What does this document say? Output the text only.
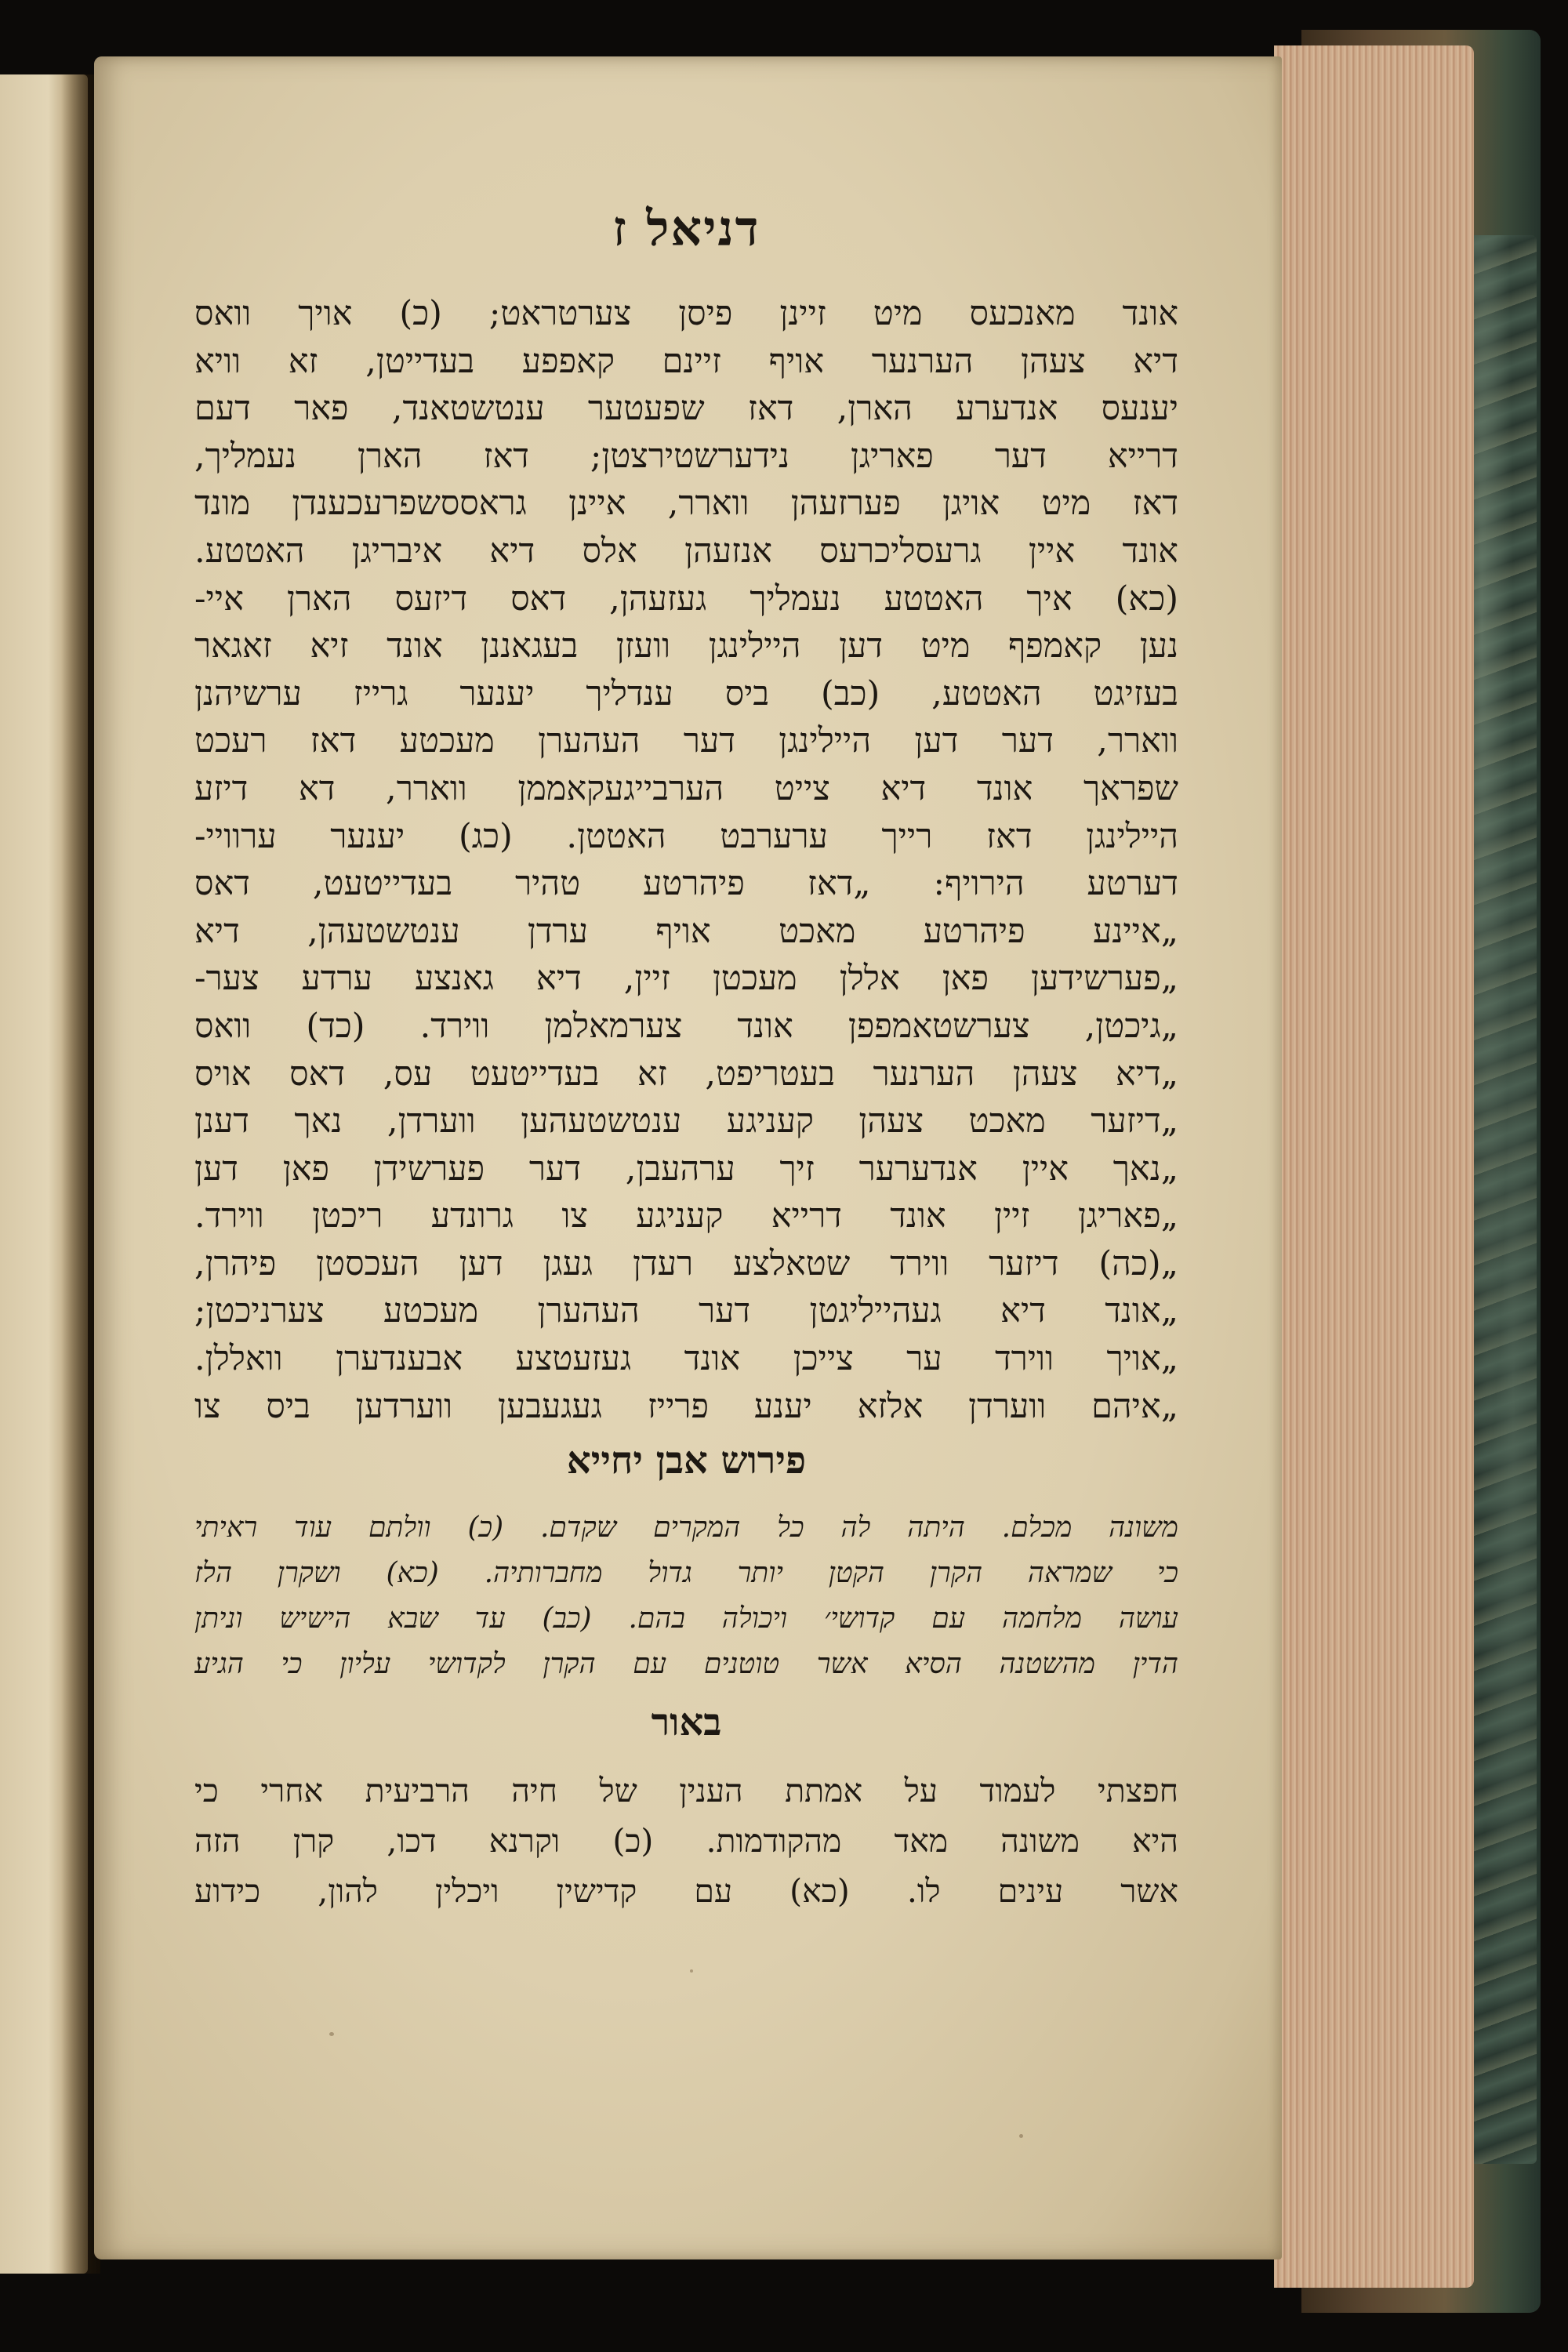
דניאל ז
אונד מאנכעס מיט זיינן פיסן צערטראט; (כ) אויך וואס
דיא צעהן הערנער אויף זיינם קאפפע בעדייטן, זא וויא
יענעס אנדערע הארן, דאז שפעטער ענטשטאנד, פאר דעם
דרייא דער פאריגן נידערשטירצטן; דאז הארן נעמליך,
דאז מיט אויגן פערזעהן ווארר, איינן גראססשפרעכענדן מונד
אונד איין גרעסליכרעס אנזעהן אלס דיא איבריגן האטטע.
(כא) איך האטטע נעמליך געזעהן, דאס דיזעס הארן איי-
נען קאמפף מיט דען היילינגן וועזן בעגאננן אונד זיא זאגאר
בעזיגט האטטע, (כב) ביס ענדליך יענער גרייז ערשיהנן
ווארר, דער דען היילינגן דער העהערן מעכטע דאז רעכט
שפראך אונד דיא צייט הערבייגעקאממן ווארר, דא דיזע
היילינגן דאז רייך ערערבט האטטן. (כג) יענער ערוויי-
דערטע הירויף: „דאז פיהרטע טהיר בעדייטעט, דאס
„איינע פיהרטע מאכט אויף ערדן ענטשטעהן, דיא
„פערשידען פאן אללן מעכטן זיין, דיא גאנצע ערדע צער-
„גיכטן, צערשטאמפפן אונד צערמאלמן ווירד. (כד) וואס
„דיא צעהן הערנער בעטריפט, זא בעדייטעט עס, דאס אויס
„דיזער מאכט צעהן קעניגע ענטשטעהען ווערדן, נאך דענן
„נאך איין אנדערער זיך ערהעבן, דער פערשידן פאן דען
„פאריגן זיין אונד דרייא קעניגע צו גרונדע ריכטן ווירד.
„(כה) דיזער ווירד שטאלצע רעדן געגן דען העכסטן פיהרן,
„אונד דיא געהייליגטן דער העהערן מעכטע צערניכטן;
„אויך ווירד ער צייכן אונד געזעטצע אבענדערן וואללן.
„איהם ווערדן אלזא יענע פרייז געגעבען ווערדען ביס צו
פירוש אבן יחייא
משונה מכלם. היתה לה כל המקרים שקדם. (כ) וולתם עוד ראיתי
כי שמראה הקרן הקטן יותר גדול מחברותיה. (כא) ושקרן הלז
עושה מלחמה עם קדושי׳ ויכולה בהם. (כב) עד שבא הישיש וניתן
הדין מהשטנה הסיא אשר טוטנים עם הקרן לקדושי עליון כי הגיע
באור
חפצתי לעמוד על אמתת הענין של חיה הרביעית אחרי כי
היא משונה מאד מהקודמות. (כ) וקרנא דכו, קרן הזה
אשר עינים לו. (כא) עם קדישין ויכלין להון, כידוע
